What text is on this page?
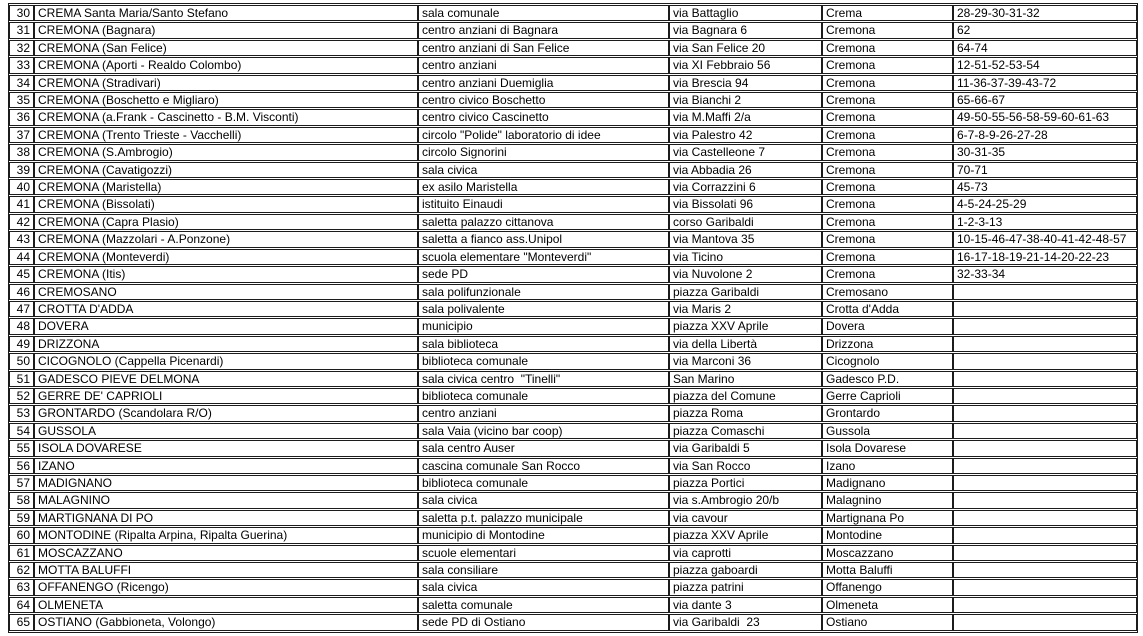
30	CREMA Santa Maria/Santo Stefano	sala comunale	via Battaglio	Crema	28-29-30-31-32
31	CREMONA (Bagnara)	centro anziani di Bagnara	via Bagnara 6	Cremona	62
32	CREMONA (San Felice)	centro anziani di San Felice	via San Felice 20	Cremona	64-74
33	CREMONA (Aporti - Realdo Colombo)	centro anziani	via XI Febbraio 56	Cremona	12-51-52-53-54
34	CREMONA (Stradivari)	centro anziani Duemiglia	via Brescia 94	Cremona	11-36-37-39-43-72
35	CREMONA (Boschetto e Migliaro)	centro civico Boschetto	via Bianchi 2	Cremona	65-66-67
36	CREMONA (a.Frank - Cascinetto - B.M. Visconti)	centro civico Cascinetto	via M.Maffi 2/a	Cremona	49-50-55-56-58-59-60-61-63
37	CREMONA (Trento Trieste - Vacchelli)	circolo "Polide" laboratorio di idee	via Palestro 42	Cremona	6-7-8-9-26-27-28
38	CREMONA (S.Ambrogio)	circolo Signorini	via Castelleone 7	Cremona	30-31-35
39	CREMONA (Cavatigozzi)	sala civica	via Abbadia 26	Cremona	70-71
40	CREMONA (Maristella)	ex asilo Maristella	via Corrazzini 6	Cremona	45-73
41	CREMONA (Bissolati)	istituito Einaudi	via Bissolati 96	Cremona	4-5-24-25-29
42	CREMONA (Capra Plasio)	saletta palazzo cittanova	corso Garibaldi	Cremona	1-2-3-13
43	CREMONA (Mazzolari - A.Ponzone)	saletta a fianco ass.Unipol	via Mantova 35	Cremona	10-15-46-47-38-40-41-42-48-57
44	CREMONA (Monteverdi)	scuola elementare "Monteverdi"	via Ticino	Cremona	16-17-18-19-21-14-20-22-23
45	CREMONA (Itis)	sede PD	via Nuvolone 2	Cremona	32-33-34
46	CREMOSANO	sala polifunzionale	piazza Garibaldi	Cremosano	
47	CROTTA D'ADDA	sala polivalente	via Maris 2	Crotta d'Adda	
48	DOVERA	municipio	piazza XXV Aprile	Dovera	
49	DRIZZONA	sala biblioteca	via della Libertà	Drizzona	
50	CICOGNOLO (Cappella Picenardi)	biblioteca comunale	via Marconi 36	Cicognolo	
51	GADESCO PIEVE DELMONA	sala civica centro  "Tinelli"	San Marino	Gadesco P.D.	
52	GERRE DE' CAPRIOLI	biblioteca comunale	piazza del Comune	Gerre Caprioli	
53	GRONTARDO (Scandolara R/O)	centro anziani	piazza Roma	Grontardo	
54	GUSSOLA	sala Vaia (vicino bar coop)	piazza Comaschi	Gussola	
55	ISOLA DOVARESE	sala centro Auser	via Garibaldi 5	Isola Dovarese	
56	IZANO	cascina comunale San Rocco	via San Rocco	Izano	
57	MADIGNANO	biblioteca comunale	piazza Portici	Madignano	
58	MALAGNINO	sala civica	via s.Ambrogio 20/b	Malagnino	
59	MARTIGNANA DI PO	saletta p.t. palazzo municipale	via cavour	Martignana Po	
60	MONTODINE (Ripalta Arpina, Ripalta Guerina)	municipio di Montodine	piazza XXV Aprile	Montodine	
61	MOSCAZZANO	scuole elementari	via caprotti	Moscazzano	
62	MOTTA BALUFFI	sala consiliare	piazza gaboardi	Motta Baluffi	
63	OFFANENGO (Ricengo)	sala civica	piazza patrini	Offanengo	
64	OLMENETA	saletta comunale	via dante 3	Olmeneta	
65	OSTIANO (Gabbioneta, Volongo)	sede PD di Ostiano	via Garibaldi  23	Ostiano	
